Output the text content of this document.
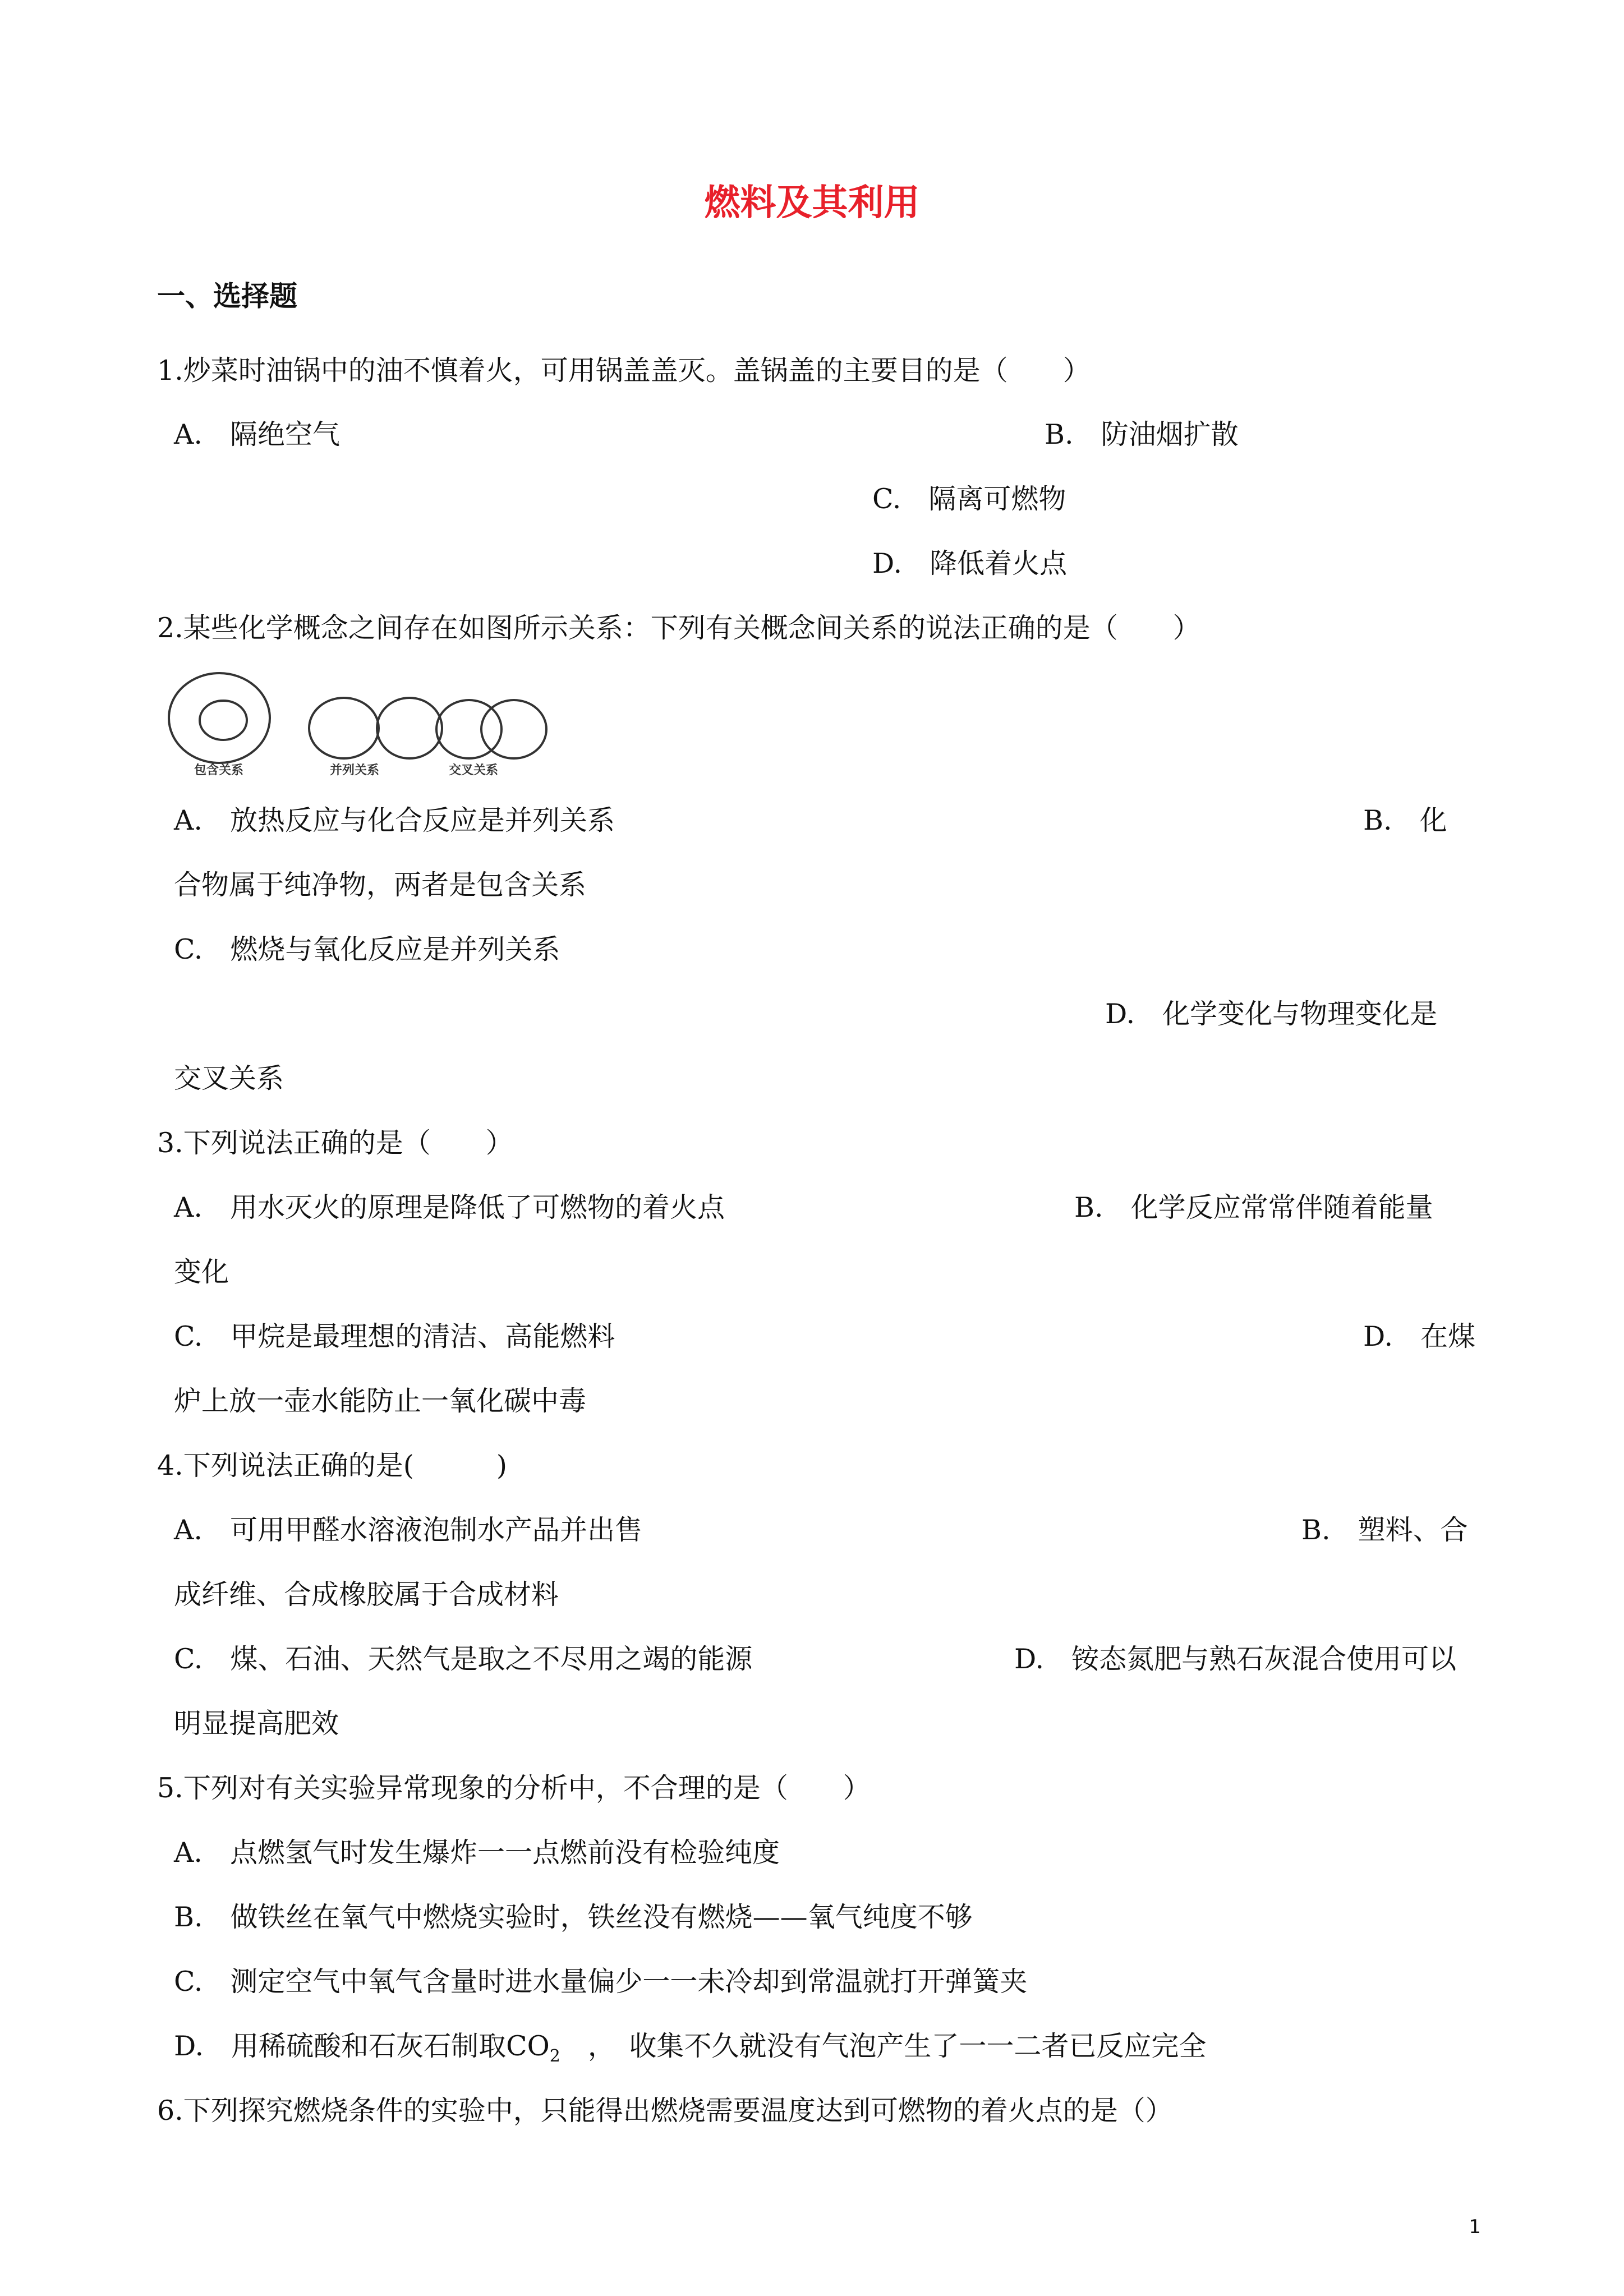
燃料及其利用
一、选择题
1.炒菜时油锅中的油不慎着火，可用锅盖盖灭。盖锅盖的主要目的是（　　）
A.　隔绝空气	B.　防油烟扩散
C.　隔离可燃物
D.　降低着火点
2.某些化学概念之间存在如图所示关系：下列有关概念间关系的说法正确的是（　　）
包含关系	并列关系	交叉关系
A.　放热反应与化合反应是并列关系	B.　化
合物属于纯净物，两者是包含关系
C.　燃烧与氧化反应是并列关系
D.　化学变化与物理变化是
交叉关系
3.下列说法正确的是（　　）
A.　用水灭火的原理是降低了可燃物的着火点	B.　化学反应常常伴随着能量
变化
C.　甲烷是最理想的清洁、高能燃料	D.　在煤
炉上放一壶水能防止一氧化碳中毒
4.下列说法正确的是(　　　)
A.　可用甲醛水溶液泡制水产品并出售	B.　塑料、合
成纤维、合成橡胶属于合成材料
C.　煤、石油、天然气是取之不尽用之竭的能源	D.　铵态氮肥与熟石灰混合使用可以
明显提高肥效
5.下列对有关实验异常现象的分析中，不合理的是（　　）
A.　点燃氢气时发生爆炸一一点燃前没有检验纯度
B.　做铁丝在氧气中燃烧实验时，铁丝没有燃烧——氧气纯度不够
C.　测定空气中氧气含量时进水量偏少一一未冷却到常温就打开弹簧夹
D.　用稀硫酸和石灰石制取$CO_2$　，　收集不久就没有气泡产生了一一二者已反应完全
6.下列探究燃烧条件的实验中，只能得出燃烧需要温度达到可燃物的着火点的是（）
1
